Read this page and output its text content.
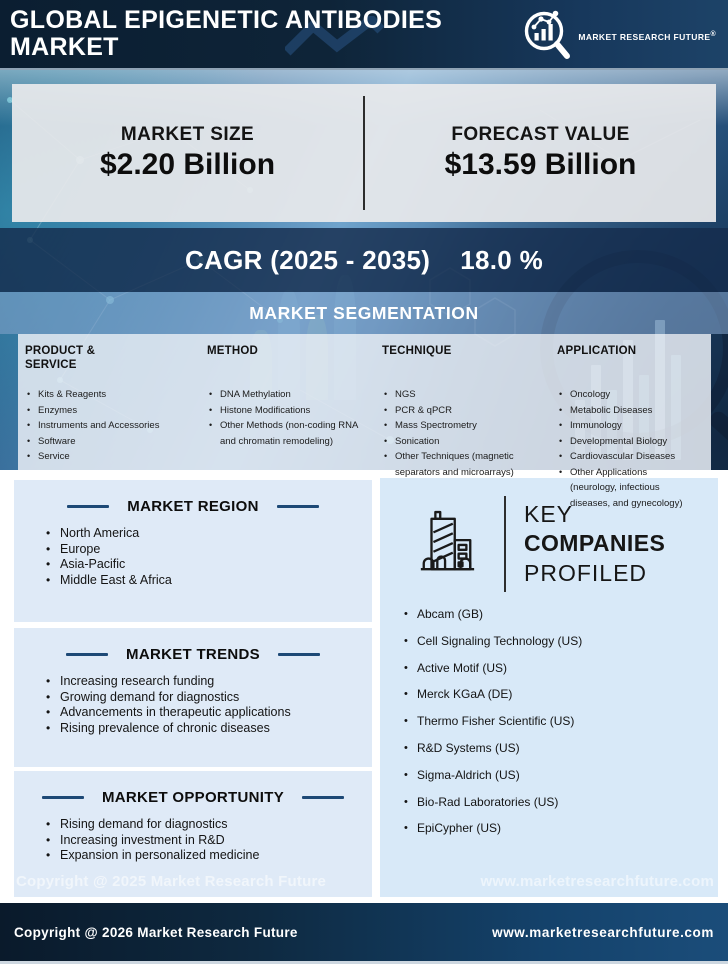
GLOBAL EPIGENETIC ANTIBODIES MARKET	MARKET RESEARCH FUTURE®
MARKET SIZE
$2.20 Billion
FORECAST VALUE
$13.59 Billion
CAGR (2025 - 2035) 18.0 %
MARKET SEGMENTATION
PRODUCT & SERVICE
• Kits & Reagents
• Enzymes
• Instruments and Accessories
• Software
• Service
METHOD
• DNA Methylation
• Histone Modifications
• Other Methods (non-coding RNA and chromatin remodeling)
TECHNIQUE
• NGS
• PCR & qPCR
• Mass Spectrometry
• Sonication
• Other Techniques (magnetic separators and microarrays)
APPLICATION
• Oncology
• Metabolic Diseases
• Immunology
• Developmental Biology
• Cardiovascular Diseases
• Other Applications (neurology, infectious diseases, and gynecology)
MARKET REGION
• North America
• Europe
• Asia-Pacific
• Middle East & Africa
MARKET TRENDS
• Increasing research funding
• Growing demand for diagnostics
• Advancements in therapeutic applications
• Rising prevalence of chronic diseases
MARKET OPPORTUNITY
• Rising demand for diagnostics
• Increasing investment in R&D
• Expansion in personalized medicine
KEY
COMPANIES
PROFILED
• Abcam (GB)
• Cell Signaling Technology (US)
• Active Motif (US)
• Merck KGaA (DE)
• Thermo Fisher Scientific (US)
• R&D Systems (US)
• Sigma-Aldrich (US)
• Bio-Rad Laboratories (US)
• EpiCypher (US)
Copyright @ 2025 Market Research Future	www.marketresearchfuture.com
Copyright @ 2026 Market Research Future	www.marketresearchfuture.com
